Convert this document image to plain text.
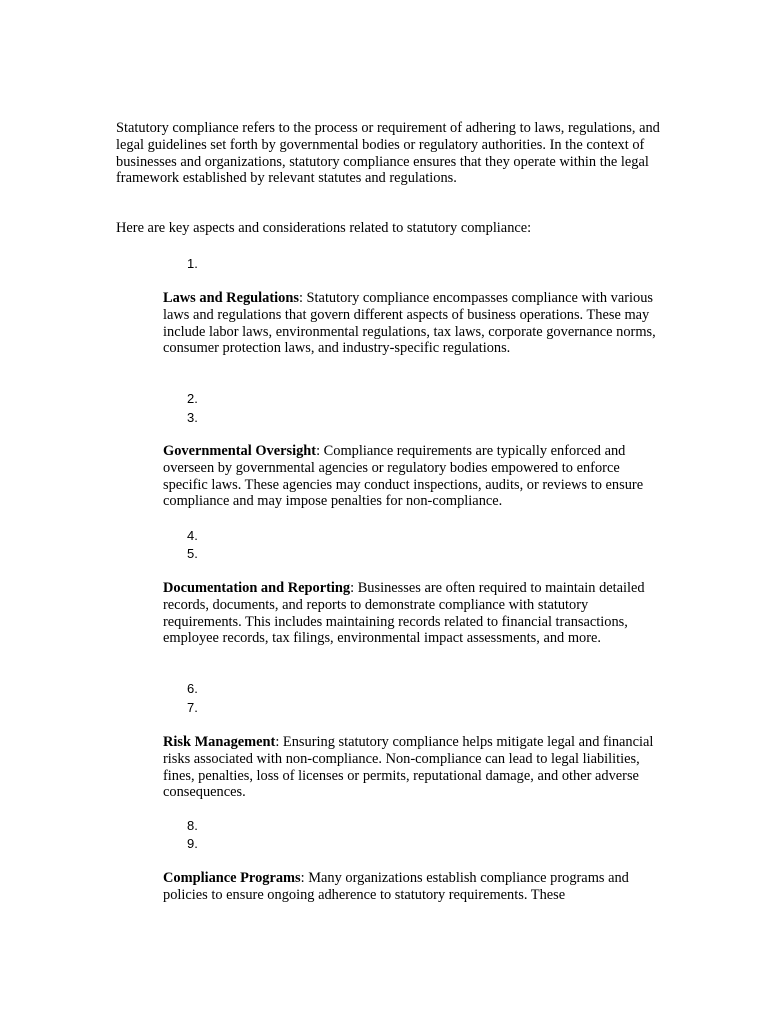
Statutory compliance refers to the process or requirement of adhering to laws, regulations, and legal guidelines set forth by governmental bodies or regulatory authorities. In the context of businesses and organizations, statutory compliance ensures that they operate within the legal framework established by relevant statutes and regulations.

Here are key aspects and considerations related to statutory compliance:

1.

Laws and Regulations: Statutory compliance encompasses compliance with various laws and regulations that govern different aspects of business operations. These may include labor laws, environmental regulations, tax laws, corporate governance norms, consumer protection laws, and industry-specific regulations.

2.

3.

Governmental Oversight: Compliance requirements are typically enforced and overseen by governmental agencies or regulatory bodies empowered to enforce specific laws. These agencies may conduct inspections, audits, or reviews to ensure compliance and may impose penalties for non-compliance.

4.

5.

Documentation and Reporting: Businesses are often required to maintain detailed records, documents, and reports to demonstrate compliance with statutory requirements. This includes maintaining records related to financial transactions, employee records, tax filings, environmental impact assessments, and more.

6.

7.

Risk Management: Ensuring statutory compliance helps mitigate legal and financial risks associated with non-compliance. Non-compliance can lead to legal liabilities, fines, penalties, loss of licenses or permits, reputational damage, and other adverse consequences.

8.

9.

Compliance Programs: Many organizations establish compliance programs and policies to ensure ongoing adherence to statutory requirements. These
